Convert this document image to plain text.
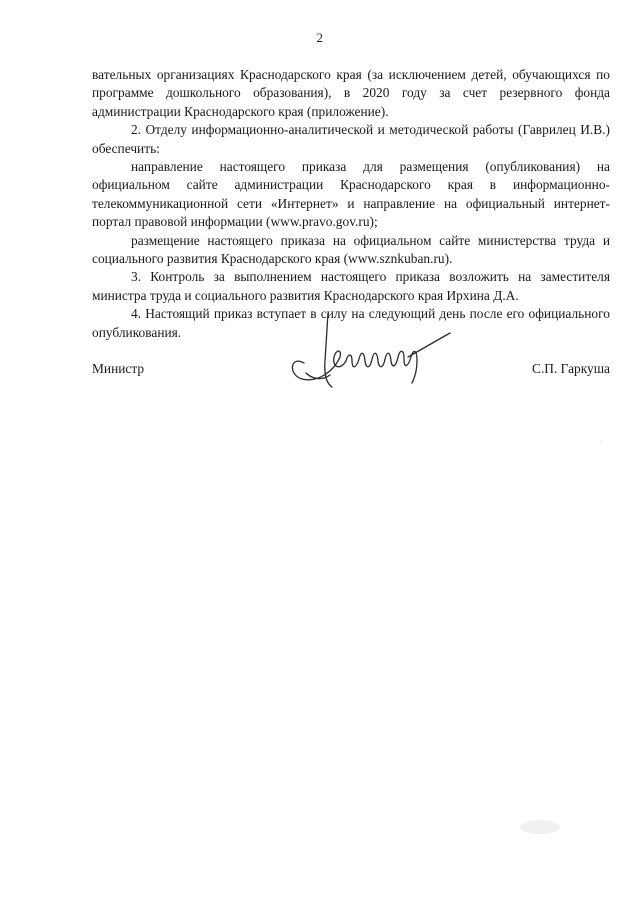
2

вательных организациях Краснодарского края (за исключением детей, обучающихся по программе дошкольного образования), в 2020 году за счет резервного фонда администрации Краснодарского края (приложение).

2. Отделу информационно-аналитической и методической работы (Гаврилец И.В.) обеспечить:

направление настоящего приказа для размещения (опубликования) на официальном сайте администрации Краснодарского края в информационно-телекоммуникационной сети «Интернет» и направление на официальный интернет-портал правовой информации (www.pravo.gov.ru);

размещение настоящего приказа на официальном сайте министерства труда и социального развития Краснодарского края (www.sznkuban.ru).

3. Контроль за выполнением настоящего приказа возложить на заместителя министра труда и социального развития Краснодарского края Ирхина Д.А.

4. Настоящий приказ вступает в силу на следующий день после его официального опубликования.

Министр	С.П. Гаркуша
